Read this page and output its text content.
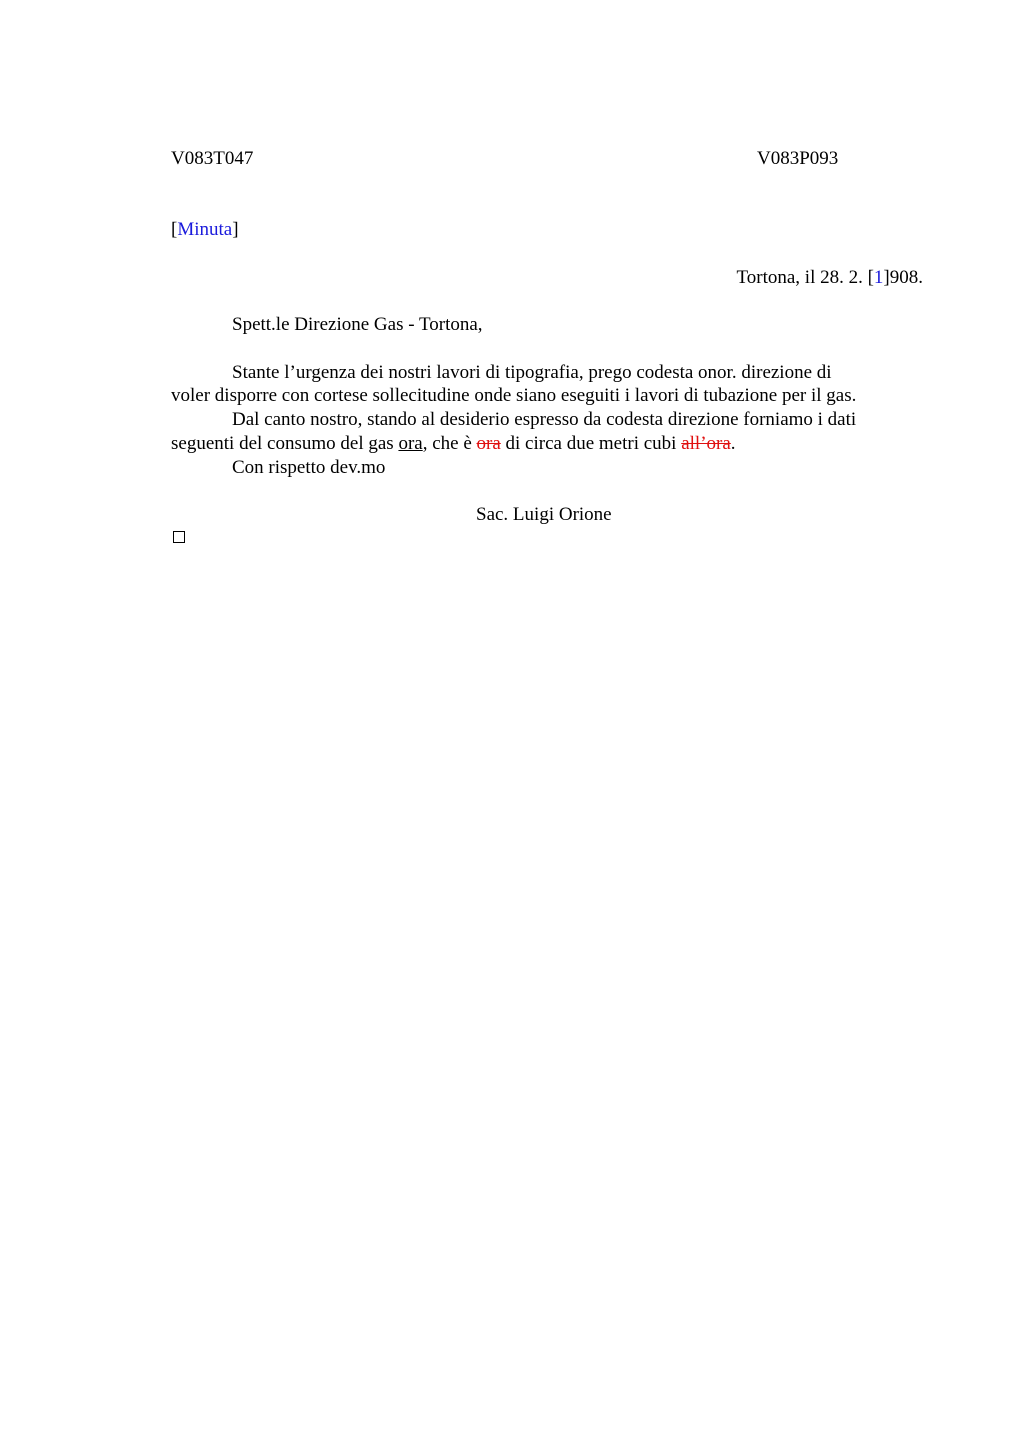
V083T047	V083P093
[Minuta]
Tortona, il 28. 2. [1]908.
Spett.le Direzione Gas - Tortona,
Stante l’urgenza dei nostri lavori di tipografia, prego codesta onor. direzione di
voler disporre con cortese sollecitudine onde siano eseguiti i lavori di tubazione per il gas.
Dal canto nostro, stando al desiderio espresso da codesta direzione forniamo i dati
seguenti del consumo del gas ora, che è ora di circa due metri cubi all’ora.
Con rispetto dev.mo
Sac. Luigi Orione
